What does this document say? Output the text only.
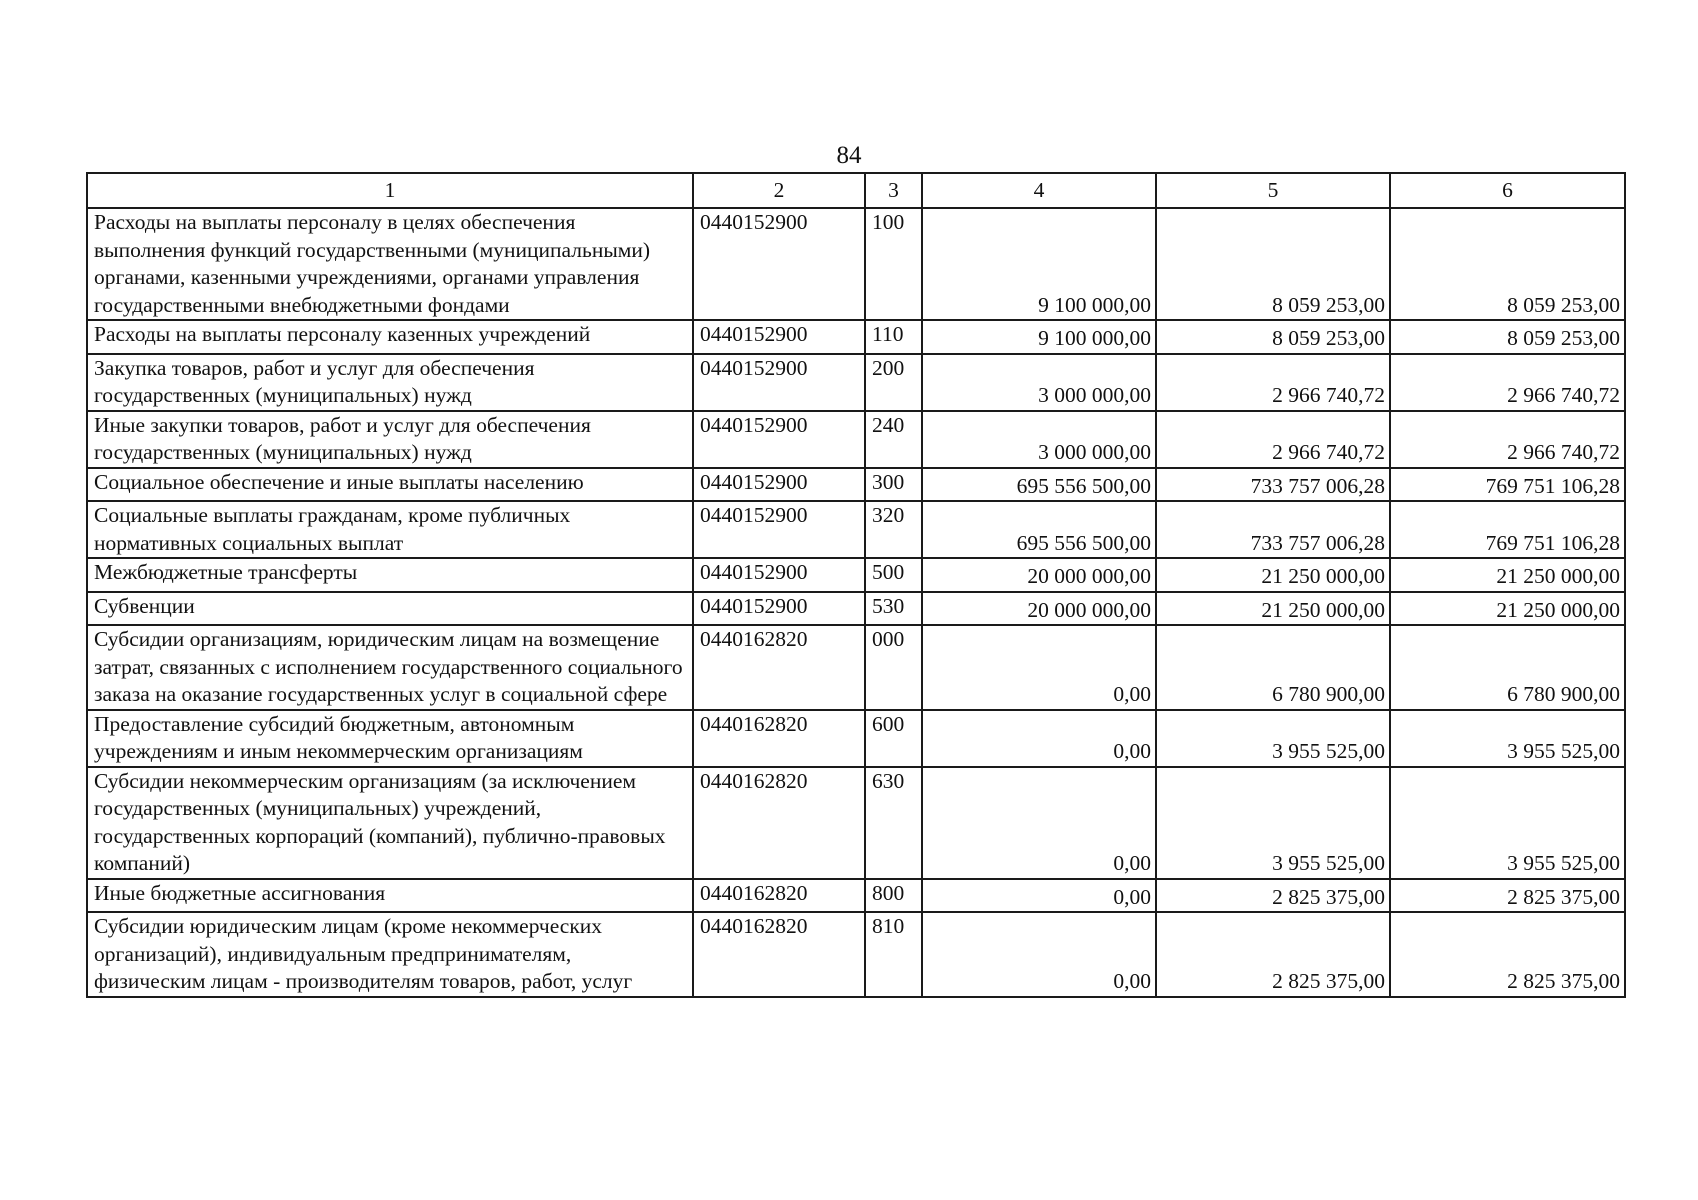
84
1	2	3	4	5	6
Расходы на выплаты персоналу в целях обеспечения выполнения функций государственными (муниципальными) органами, казенными учреждениями, органами управления государственными внебюджетными фондами	0440152900	100	9 100 000,00	8 059 253,00	8 059 253,00
Расходы на выплаты персоналу казенных учреждений	0440152900	110	9 100 000,00	8 059 253,00	8 059 253,00
Закупка товаров, работ и услуг для обеспечения государственных (муниципальных) нужд	0440152900	200	3 000 000,00	2 966 740,72	2 966 740,72
Иные закупки товаров, работ и услуг для обеспечения государственных (муниципальных) нужд	0440152900	240	3 000 000,00	2 966 740,72	2 966 740,72
Социальное обеспечение и иные выплаты населению	0440152900	300	695 556 500,00	733 757 006,28	769 751 106,28
Социальные выплаты гражданам, кроме публичных нормативных социальных выплат	0440152900	320	695 556 500,00	733 757 006,28	769 751 106,28
Межбюджетные трансферты	0440152900	500	20 000 000,00	21 250 000,00	21 250 000,00
Субвенции	0440152900	530	20 000 000,00	21 250 000,00	21 250 000,00
Субсидии организациям, юридическим лицам на возмещение затрат, связанных с исполнением государственного социального заказа на оказание государственных услуг в социальной сфере	0440162820	000	0,00	6 780 900,00	6 780 900,00
Предоставление субсидий бюджетным, автономным учреждениям и иным некоммерческим организациям	0440162820	600	0,00	3 955 525,00	3 955 525,00
Субсидии некоммерческим организациям (за исключением государственных (муниципальных) учреждений, государственных корпораций (компаний), публично-правовых компаний)	0440162820	630	0,00	3 955 525,00	3 955 525,00
Иные бюджетные ассигнования	0440162820	800	0,00	2 825 375,00	2 825 375,00
Субсидии юридическим лицам (кроме некоммерческих организаций), индивидуальным предпринимателям, физическим лицам - производителям товаров, работ, услуг	0440162820	810	0,00	2 825 375,00	2 825 375,00
